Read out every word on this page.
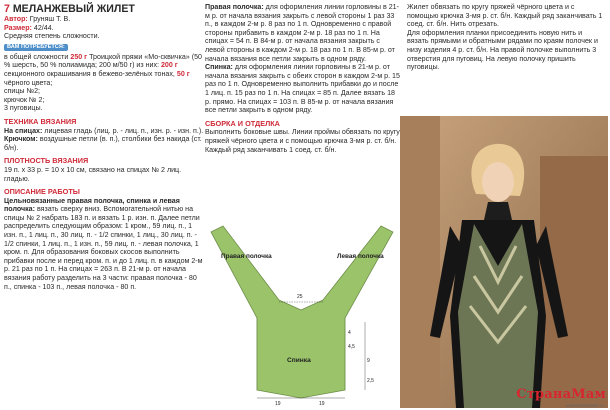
7 МЕЛАНЖЕВЫЙ ЖИЛЕТ

Автор: Груняш Т. В.

Размер: 42/44.

Средняя степень сложности.

ВАМ ПОТРЕБУЕТСЯ:

в общей сложности 250 г Троицкой пряжи «Мо-сквичка» (50 % шерсть, 50 % полиамида; 200 м/50 г) из них: 200 г секционного окрашивания в бежево-зелёных тонах, 50 г чёрного цвета;

спицы №2;

крючок № 2;

3 пуговицы.

ТЕХНИКА ВЯЗАНИЯ

На спицах: лицевая гладь (лиц. р. - лиц. п., изн. р. - изн. п.).

Крючком: воздушные петли (в. п.), столбики без накида (ст. б/н).

ПЛОТНОСТЬ ВЯЗАНИЯ

19 п. х 33 р. = 10 х 10 см, связано на спицах № 2 лиц. гладью.

ОПИСАНИЕ РАБОТЫ

Цельновязанные правая полочка, спинка и левая полочка: вязать сверху вниз. Вспомогательной нитью на спицы № 2 набрать 183 п. и вязать 1 р. изн. п. Далее петли распределить следующим образом: 1 кром., 59 лиц. п., 1 изн. п., 1 лиц. п., 30 лиц. п. - 1/2 спинки, 1 лиц., 30 лиц. п. - 1/2 спинки, 1 лиц. п., 1 изн. п., 59 лиц. п. - левая полочка, 1 кром. п. Для образования боковых скосов выполнить прибавки после и перед кром. п. и до 1 лиц. п. в каждом 2-м р. 21 раз по 1 п. На спицах = 263 п. В 21-м р. от начала вязания работу разделить на 3 части: правая полочка - 80 п., спинка - 103 п., левая полочка - 80 п.

Правая полочка: для оформления линии горловины в 21-м р. от начала вязания закрыть с левой стороны 1 раз 33 п., в каждом 2-м р. 8 раз по 1 п. Одновременно с правой стороны прибавить в каждом 2-м р. 18 раз по 1 п. На спицах = 54 п. В 84-м р. от начала вязания закрыть с левой стороны в каждом 2-м р. 18 раз по 1 п. В 85-м р. от начала вязания все петли закрыть в одном ряду.

Спинка: для оформления линии горловины в 21-м р. от начала вязания закрыть с обеих сторон в каждом 2-м р. 15 раз по 1 п. Одновременно выполнить прибавки до и после 1 лиц. п. 15 раз по 1 п. На спицах = 85 п. Далее вязать 18 р. прямо. На спицах = 103 п. В 85-м р. от начала вязания все петли закрыть в одном ряду.

СБОРКА И ОТДЕЛКА

Выполнить боковые швы. Линии проймы обвязать по кругу пряжей чёрного цвета и с помощью крючка 3-мя р. ст. б/н. Каждый ряд заканчивать 1 соед. ст. б/н.

Правая полочка	Левая полочка
Спинка
25
4
4,5
9
2,5
19	19

Жилет обвязать по кругу пряжей чёрного цвета и с помощью крючка 3-мя р. ст. б/н. Каждый ряд заканчивать 1 соед. ст. б/н. Нить отрезать.

Для оформления планки присоединить новую нить и вязать прямыми и обратными рядами по краям полочек и низу изделия 4 р. ст. б/н. На правой полочке выполнить 3 отверстия для пуговиц. На левую полочку пришить пуговицы.

СтранаМам
www.stranamam.ru
